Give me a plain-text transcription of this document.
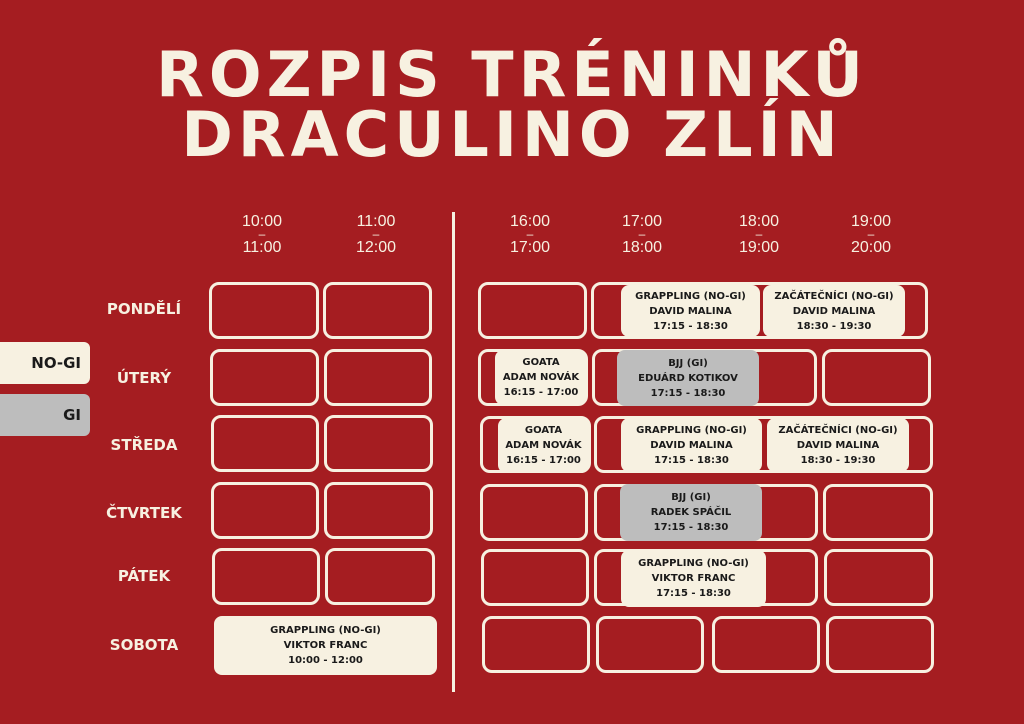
ROZPIS TRÉNINKŮ
DRACULINO ZLÍN
NO-GI
GI
10:00
–
11:00
11:00
–
12:00
16:00
–
17:00
17:00
–
18:00
18:00
–
19:00
19:00
–
20:00
PONDĚLÍ
ÚTERÝ
STŘEDA
ČTVRTEK
PÁTEK
SOBOTA
GRAPPLING (NO-GI)
DAVID MALINA
17:15 - 18:30
ZAČÁTEČNÍCI (NO-GI)
DAVID MALINA
18:30 - 19:30
GOATA
ADAM NOVÁK
16:15 - 17:00
BJJ (GI)
EDUÁRD KOTIKOV
17:15 - 18:30
GOATA
ADAM NOVÁK
16:15 - 17:00
GRAPPLING (NO-GI)
DAVID MALINA
17:15 - 18:30
ZAČÁTEČNÍCI (NO-GI)
DAVID MALINA
18:30 - 19:30
BJJ (GI)
RADEK SPÁČIL
17:15 - 18:30
GRAPPLING (NO-GI)
VIKTOR FRANC
17:15 - 18:30
GRAPPLING (NO-GI)
VIKTOR FRANC
10:00 - 12:00
